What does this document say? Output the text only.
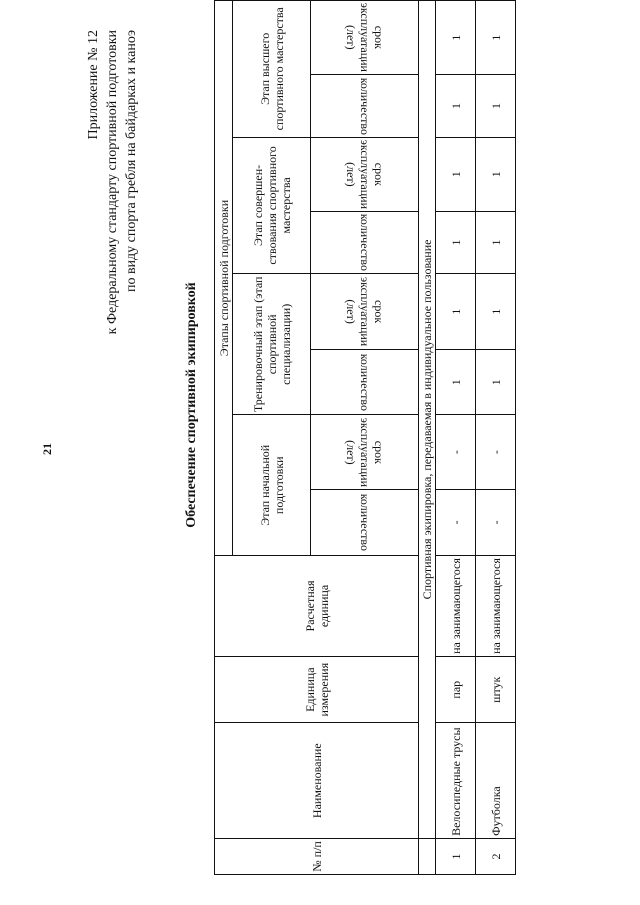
21
Приложение № 12 к Федеральному стандарту спортивной подготовки по виду спорта гребля на байдарках и каноэ
Обеспечение спортивной экипировкой
№ п/п	Наименование	Единица измерения	Расчетная единица	Этапы спортивной подготовки							
				Этап начальной подготовки		Тренировочный этап (этап спортивной специализации)		Этап совершен-ствования спортивного мастерства		Этап высшего спортивного мастерства	
				количество	срок эксплуатации (лет)	количество	срок эксплуатации (лет)	количество	срок эксплуатации (лет)	количество	срок эксплуатации (лет)
	Спортивная экипировка, передаваемая в индивидуальное пользование										
1	Велосипедные трусы	пар	на занимающегося	-	-	1	1	1	1	1	1
2	Футболка	штук	на занимающегося	-	-	1	1	1	1	1	1
